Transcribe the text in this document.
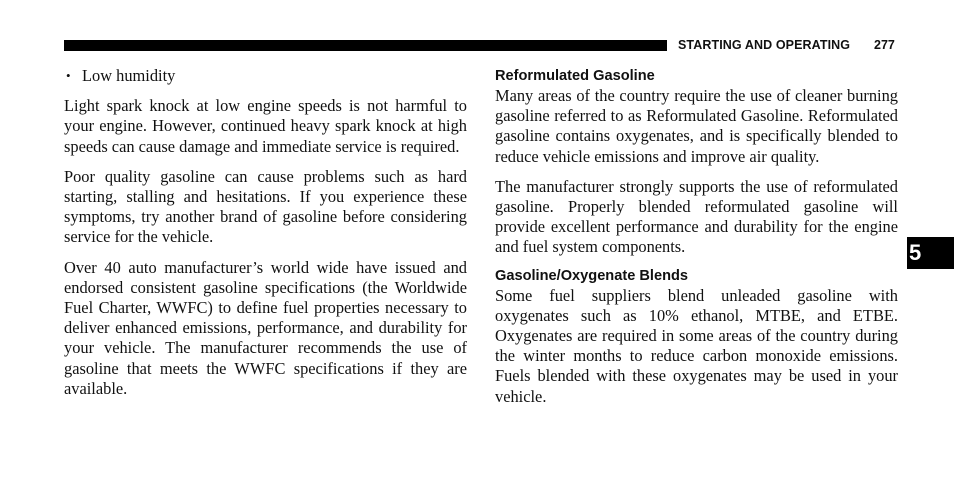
STARTING AND OPERATING 277
• Low humidity

Light spark knock at low engine speeds is not harmful to your engine. However, continued heavy spark knock at high speeds can cause damage and immediate service is required.

Poor quality gasoline can cause problems such as hard starting, stalling and hesitations. If you experience these symptoms, try another brand of gasoline before considering service for the vehicle.

Over 40 auto manufacturer’s world wide have issued and endorsed consistent gasoline specifications (the Worldwide Fuel Charter, WWFC) to define fuel properties necessary to deliver enhanced emissions, performance, and durability for your vehicle. The manufacturer recommends the use of gasoline that meets the WWFC specifications if they are available.

Reformulated Gasoline

Many areas of the country require the use of cleaner burning gasoline referred to as Reformulated Gasoline. Reformulated gasoline contains oxygenates, and is specifically blended to reduce vehicle emissions and improve air quality.

The manufacturer strongly supports the use of reformulated gasoline. Properly blended reformulated gasoline will provide excellent performance and durability for the engine and fuel system components.

Gasoline/Oxygenate Blends

Some fuel suppliers blend unleaded gasoline with oxygenates such as 10% ethanol, MTBE, and ETBE. Oxygenates are required in some areas of the country during the winter months to reduce carbon monoxide emissions. Fuels blended with these oxygenates may be used in your vehicle.

5
